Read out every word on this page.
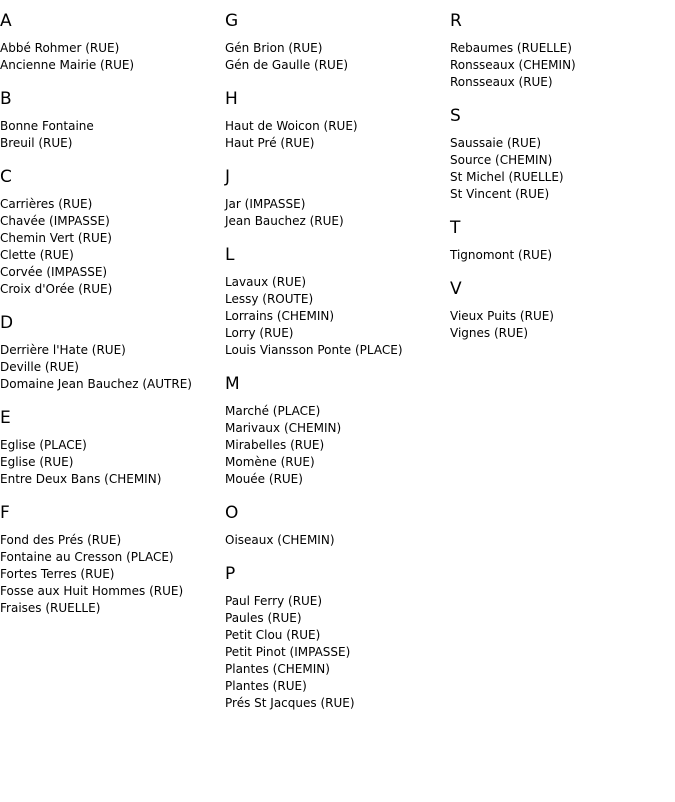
A
Abbé Rohmer (RUE)
Ancienne Mairie (RUE)
B
Bonne Fontaine
Breuil (RUE)
C
Carrières (RUE)
Chavée (IMPASSE)
Chemin Vert (RUE)
Clette (RUE)
Corvée (IMPASSE)
Croix d'Orée (RUE)
D
Derrière l'Hate (RUE)
Deville (RUE)
Domaine Jean Bauchez (AUTRE)
E
Eglise (PLACE)
Eglise (RUE)
Entre Deux Bans (CHEMIN)
F
Fond des Prés (RUE)
Fontaine au Cresson (PLACE)
Fortes Terres (RUE)
Fosse aux Huit Hommes (RUE)
Fraises (RUELLE)
G
Gén Brion (RUE)
Gén de Gaulle (RUE)
H
Haut de Woicon (RUE)
Haut Pré (RUE)
J
Jar (IMPASSE)
Jean Bauchez (RUE)
L
Lavaux (RUE)
Lessy (ROUTE)
Lorrains (CHEMIN)
Lorry (RUE)
Louis Viansson Ponte (PLACE)
M
Marché (PLACE)
Marivaux (CHEMIN)
Mirabelles (RUE)
Momène (RUE)
Mouée (RUE)
O
Oiseaux (CHEMIN)
P
Paul Ferry (RUE)
Paules (RUE)
Petit Clou (RUE)
Petit Pinot (IMPASSE)
Plantes (CHEMIN)
Plantes (RUE)
Prés St Jacques (RUE)
R
Rebaumes (RUELLE)
Ronsseaux (CHEMIN)
Ronsseaux (RUE)
S
Saussaie (RUE)
Source (CHEMIN)
St Michel (RUELLE)
St Vincent (RUE)
T
Tignomont (RUE)
V
Vieux Puits (RUE)
Vignes (RUE)
